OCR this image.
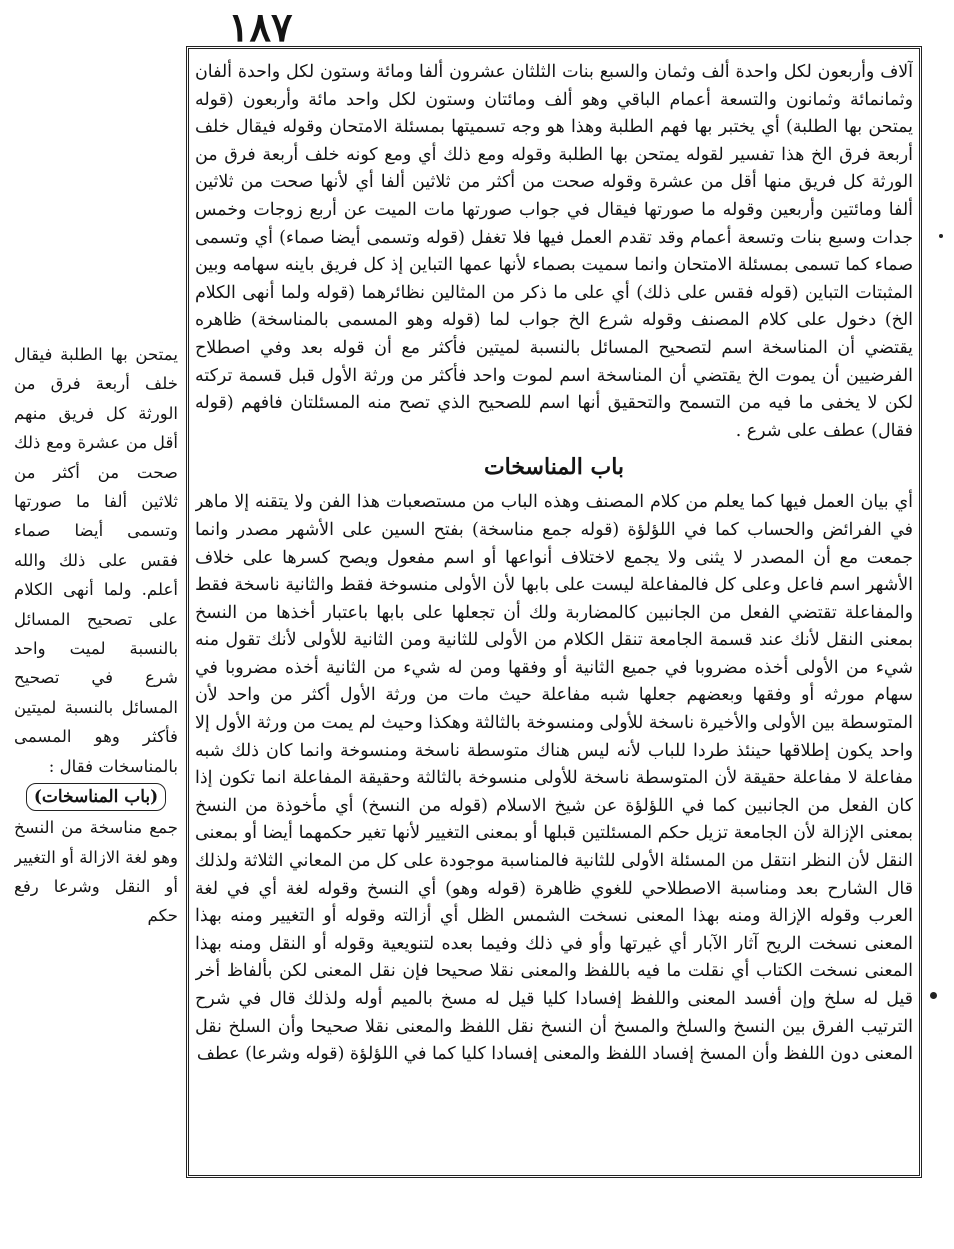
١٨٧

آلاف وأربعون لكل واحدة ألف وثمان والسبع بنات الثلثان عشرون ألفا ومائة وستون لكل واحدة ألفان وثمانمائة وثمانون والتسعة أعمام الباقي وهو ألف ومائتان وستون لكل واحد مائة وأربعون (قوله يمتحن بها الطلبة) أي يختبر بها فهم الطلبة وهذا هو وجه تسميتها بمسئلة الامتحان وقوله فيقال خلف أربعة فرق الخ هذا تفسير لقوله يمتحن بها الطلبة وقوله ومع ذلك أي ومع كونه خلف أربعة فرق من الورثة كل فريق منها أقل من عشرة وقوله صحت من أكثر من ثلاثين ألفا أي لأنها صحت من ثلاثين ألفا ومائتين وأربعين وقوله ما صورتها فيقال في جواب صورتها مات الميت عن أربع زوجات وخمس جدات وسبع بنات وتسعة أعمام وقد تقدم العمل فيها فلا تغفل (قوله وتسمى أيضا صماء) أي وتسمى صماء كما تسمى بمسئلة الامتحان وانما سميت بصماء لأنها عمها التباين إذ كل فريق باينه سهامه وبين المثبتات التباين (قوله فقس على ذلك) أي على ما ذكر من المثالين نظائرهما (قوله ولما أنهى الكلام الخ) دخول على كلام المصنف وقوله شرع الخ جواب لما (قوله وهو المسمى بالمناسخة) ظاهره يقتضي أن المناسخة اسم لتصحيح المسائل بالنسبة لميتين فأكثر مع أن قوله بعد وفي اصطلاح الفرضيين أن يموت الخ يقتضي أن المناسخة اسم لموت واحد فأكثر من ورثة الأول قبل قسمة تركته لكن لا يخفى ما فيه من التسمح والتحقيق أنها اسم للصحيح الذي تصح منه المسئلتان فافهم (قوله فقال) عطف على شرع .

باب المناسخات

أي بيان العمل فيها كما يعلم من كلام المصنف وهذه الباب من مستصعبات هذا الفن ولا يتقنه إلا ماهر في الفرائض والحساب كما في اللؤلؤة (قوله جمع مناسخة) بفتح السين على الأشهر مصدر وانما جمعت مع أن المصدر لا يثنى ولا يجمع لاختلاف أنواعها أو اسم مفعول ويصح كسرها على خلاف الأشهر اسم فاعل وعلى كل فالمفاعلة ليست على بابها لأن الأولى منسوخة فقط والثانية ناسخة فقط والمفاعلة تقتضي الفعل من الجانبين كالمضاربة ولك أن تجعلها على بابها باعتبار أخذها من النسخ بمعنى النقل لأنك عند قسمة الجامعة تنقل الكلام من الأولى للثانية ومن الثانية للأولى لأنك تقول منه شيء من الأولى أخذه مضروبا في جميع الثانية أو وفقها ومن له شيء من الثانية أخذه مضروبا في سهام مورثه أو وفقها وبعضهم جعلها شبه مفاعلة حيث مات من ورثة الأول أكثر من واحد لأن المتوسطة بين الأولى والأخيرة ناسخة للأولى ومنسوخة بالثالثة وهكذا وحيث لم يمت من ورثة الأول إلا واحد يكون إطلاقها حينئذ طردا للباب لأنه ليس هناك متوسطة ناسخة ومنسوخة وانما كان ذلك شبه مفاعلة لا مفاعلة حقيقة لأن المتوسطة ناسخة للأولى منسوخة بالثالثة وحقيقة المفاعلة انما تكون إذا كان الفعل من الجانبين كما في اللؤلؤة عن شيخ الاسلام (قوله من النسخ) أي مأخوذة من النسخ بمعنى الإزالة لأن الجامعة تزيل حكم المسئلتين قبلها أو بمعنى التغيير لأنها تغير حكمهما أيضا أو بمعنى النقل لأن النظر انتقل من المسئلة الأولى للثانية فالمناسبة موجودة على كل من المعاني الثلاثة ولذلك قال الشارح بعد ومناسبة الاصطلاحي للغوي ظاهرة (قوله وهو) أي النسخ وقوله لغة أي في لغة العرب وقوله الإزالة ومنه بهذا المعنى نسخت الشمس الظل أي أزالته وقوله أو التغيير ومنه بهذا المعنى نسخت الريح آثار الآبار أي غيرتها وأو في ذلك وفيما بعده لتنويعية وقوله أو النقل ومنه بهذا المعنى نسخت الكتاب أي نقلت ما فيه باللفظ والمعنى نقلا صحيحا فإن نقل المعنى لكن بألفاظ أخر قيل له سلخ وإن أفسد المعنى واللفظ إفسادا كليا قيل له مسخ بالميم أوله ولذلك قال في شرح الترتيب الفرق بين النسخ والسلخ والمسخ أن النسخ نقل اللفظ والمعنى نقلا صحيحا وأن السلخ نقل المعنى دون اللفظ وأن المسخ إفساد اللفظ والمعنى إفسادا كليا كما في اللؤلؤة (قوله وشرعا) عطف

يمتحن بها الطلبة فيقال خلف أربعة فرق من الورثة كل فريق منهم أقل من عشرة ومع ذلك صحت من أكثر من ثلاثين ألفا ما صورتها وتسمى أيضا صماء فقس على ذلك والله أعلم. ولما أنهى الكلام على تصحيح المسائل بالنسبة لميت واحد شرع في تصحيح المسائل بالنسبة لميتين فأكثر وهو المسمى بالمناسخات فقال :

(باب المناسخات)

جمع مناسخة من النسخ وهو لغة الازالة أو التغيير أو النقل وشرعا رفع حكم
